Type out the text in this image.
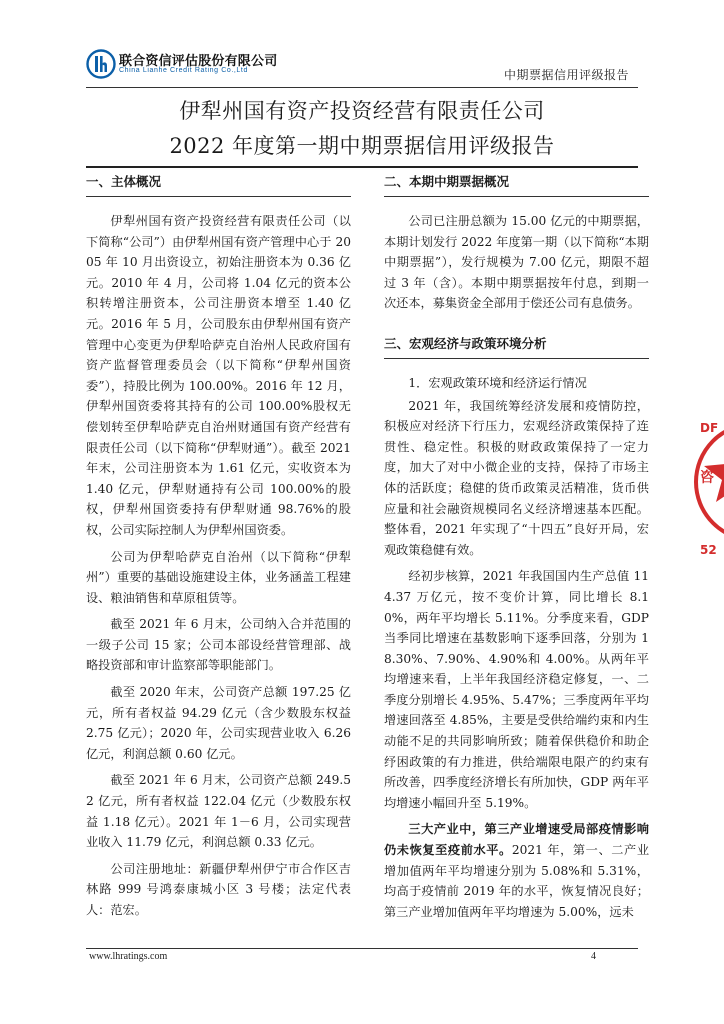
联合资信评估股份有限公司
China Lianhe Credit Rating Co.,Ltd	中期票据信用评级报告
伊犁州国有资产投资经营有限责任公司
2022 年度第一期中期票据信用评级报告
一、主体概况

伊犁州国有资产投资经营有限责任公司（以下简称“公司”）由伊犁州国有资产管理中心于 2005 年 10 月出资设立，初始注册资本为 0.36 亿元。2010 年 4 月，公司将 1.04 亿元的资本公积转增注册资本，公司注册资本增至 1.40 亿元。2016 年 5 月，公司股东由伊犁州国有资产管理中心变更为伊犁哈萨克自治州人民政府国有资产监督管理委员会（以下简称“伊犁州国资委”），持股比例为 100.00%。2016 年 12 月，伊犁州国资委将其持有的公司 100.00%股权无偿划转至伊犁哈萨克自治州财通国有资产经营有限责任公司（以下简称“伊犁财通”）。截至 2021 年末，公司注册资本为 1.61 亿元，实收资本为 1.40 亿元，伊犁财通持有公司 100.00%的股权，伊犁州国资委持有伊犁财通 98.76%的股权，公司实际控制人为伊犁州国资委。

公司为伊犁哈萨克自治州（以下简称“伊犁州”）重要的基础设施建设主体，业务涵盖工程建设、粮油销售和草原租赁等。

截至 2021 年 6 月末，公司纳入合并范围的一级子公司 15 家；公司本部设经营管理部、战略投资部和审计监察部等职能部门。

截至 2020 年末，公司资产总额 197.25 亿元，所有者权益 94.29 亿元（含少数股东权益 2.75 亿元）；2020 年，公司实现营业收入 6.26 亿元，利润总额 0.60 亿元。

截至 2021 年 6 月末，公司资产总额 249.52 亿元，所有者权益 122.04 亿元（少数股东权益 1.18 亿元）。2021 年 1－6 月，公司实现营业收入 11.79 亿元，利润总额 0.33 亿元。

公司注册地址：新疆伊犁州伊宁市合作区吉林路 999 号鸿泰康城小区 3 号楼；法定代表人：范宏。

二、本期中期票据概况

公司已注册总额为 15.00 亿元的中期票据，本期计划发行 2022 年度第一期（以下简称“本期中期票据”），发行规模为 7.00 亿元，期限不超过 3 年（含）。本期中期票据按年付息，到期一次还本，募集资金全部用于偿还公司有息债务。

三、宏观经济与政策环境分析

1．宏观政策环境和经济运行情况

2021 年，我国统筹经济发展和疫情防控，积极应对经济下行压力，宏观经济政策保持了连贯性、稳定性。积极的财政政策保持了一定力度，加大了对中小微企业的支持，保持了市场主体的活跃度；稳健的货币政策灵活精准，货币供应量和社会融资规模同名义经济增速基本匹配。整体看，2021 年实现了“十四五”良好开局，宏观政策稳健有效。

经初步核算，2021 年我国国内生产总值 114.37 万亿元，按不变价计算，同比增长 8.10%，两年平均增长 5.11%。分季度来看，GDP 当季同比增速在基数影响下逐季回落，分别为 18.30%、7.90%、4.90%和 4.00%。从两年平均增速来看，上半年我国经济稳定修复，一、二季度分别增长 4.95%、5.47%；三季度两年平均增速回落至 4.85%，主要是受供给端约束和内生动能不足的共同影响所致；随着保供稳价和助企纾困政策的有力推进，供给端限电限产的约束有所改善，四季度经济增长有所加快，GDP 两年平均增速小幅回升至 5.19%。

三大产业中，第三产业增速受局部疫情影响仍未恢复至疫前水平。2021 年，第一、二产业增加值两年平均增速分别为 5.08%和 5.31%，均高于疫情前 2019 年的水平，恢复情况良好；第三产业增加值两年平均增速为 5.00%，远未

www.lhratings.com	4
DF
咨
52
